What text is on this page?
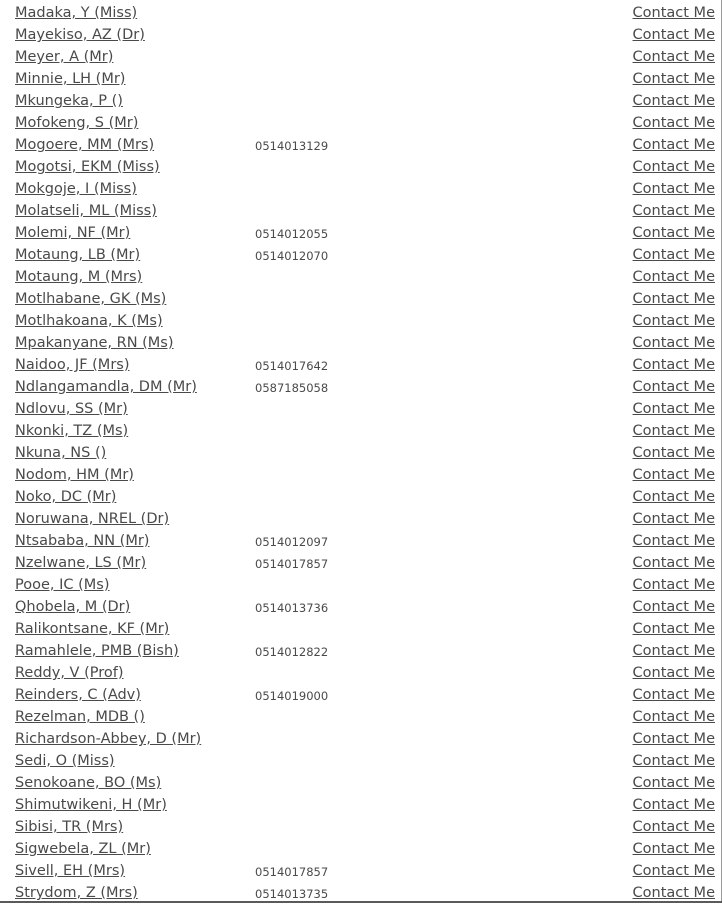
Madaka, Y (Miss)	Contact Me
Mayekiso, AZ (Dr)	Contact Me
Meyer, A (Mr)	Contact Me
Minnie, LH (Mr)	Contact Me
Mkungeka, P ()	Contact Me
Mofokeng, S (Mr)	Contact Me
Mogoere, MM (Mrs)	0514013129	Contact Me
Mogotsi, EKM (Miss)	Contact Me
Mokgoje, I (Miss)	Contact Me
Molatseli, ML (Miss)	Contact Me
Molemi, NF (Mr)	0514012055	Contact Me
Motaung, LB (Mr)	0514012070	Contact Me
Motaung, M (Mrs)	Contact Me
Motlhabane, GK (Ms)	Contact Me
Motlhakoana, K (Ms)	Contact Me
Mpakanyane, RN (Ms)	Contact Me
Naidoo, JF (Mrs)	0514017642	Contact Me
Ndlangamandla, DM (Mr)	0587185058	Contact Me
Ndlovu, SS (Mr)	Contact Me
Nkonki, TZ (Ms)	Contact Me
Nkuna, NS ()	Contact Me
Nodom, HM (Mr)	Contact Me
Noko, DC (Mr)	Contact Me
Noruwana, NREL (Dr)	Contact Me
Ntsababa, NN (Mr)	0514012097	Contact Me
Nzelwane, LS (Mr)	0514017857	Contact Me
Pooe, IC (Ms)	Contact Me
Qhobela, M (Dr)	0514013736	Contact Me
Ralikontsane, KF (Mr)	Contact Me
Ramahlele, PMB (Bish)	0514012822	Contact Me
Reddy, V (Prof)	Contact Me
Reinders, C (Adv)	0514019000	Contact Me
Rezelman, MDB ()	Contact Me
Richardson-Abbey, D (Mr)	Contact Me
Sedi, O (Miss)	Contact Me
Senokoane, BO (Ms)	Contact Me
Shimutwikeni, H (Mr)	Contact Me
Sibisi, TR (Mrs)	Contact Me
Sigwebela, ZL (Mr)	Contact Me
Sivell, EH (Mrs)	0514017857	Contact Me
Strydom, Z (Mrs)	0514013735	Contact Me
